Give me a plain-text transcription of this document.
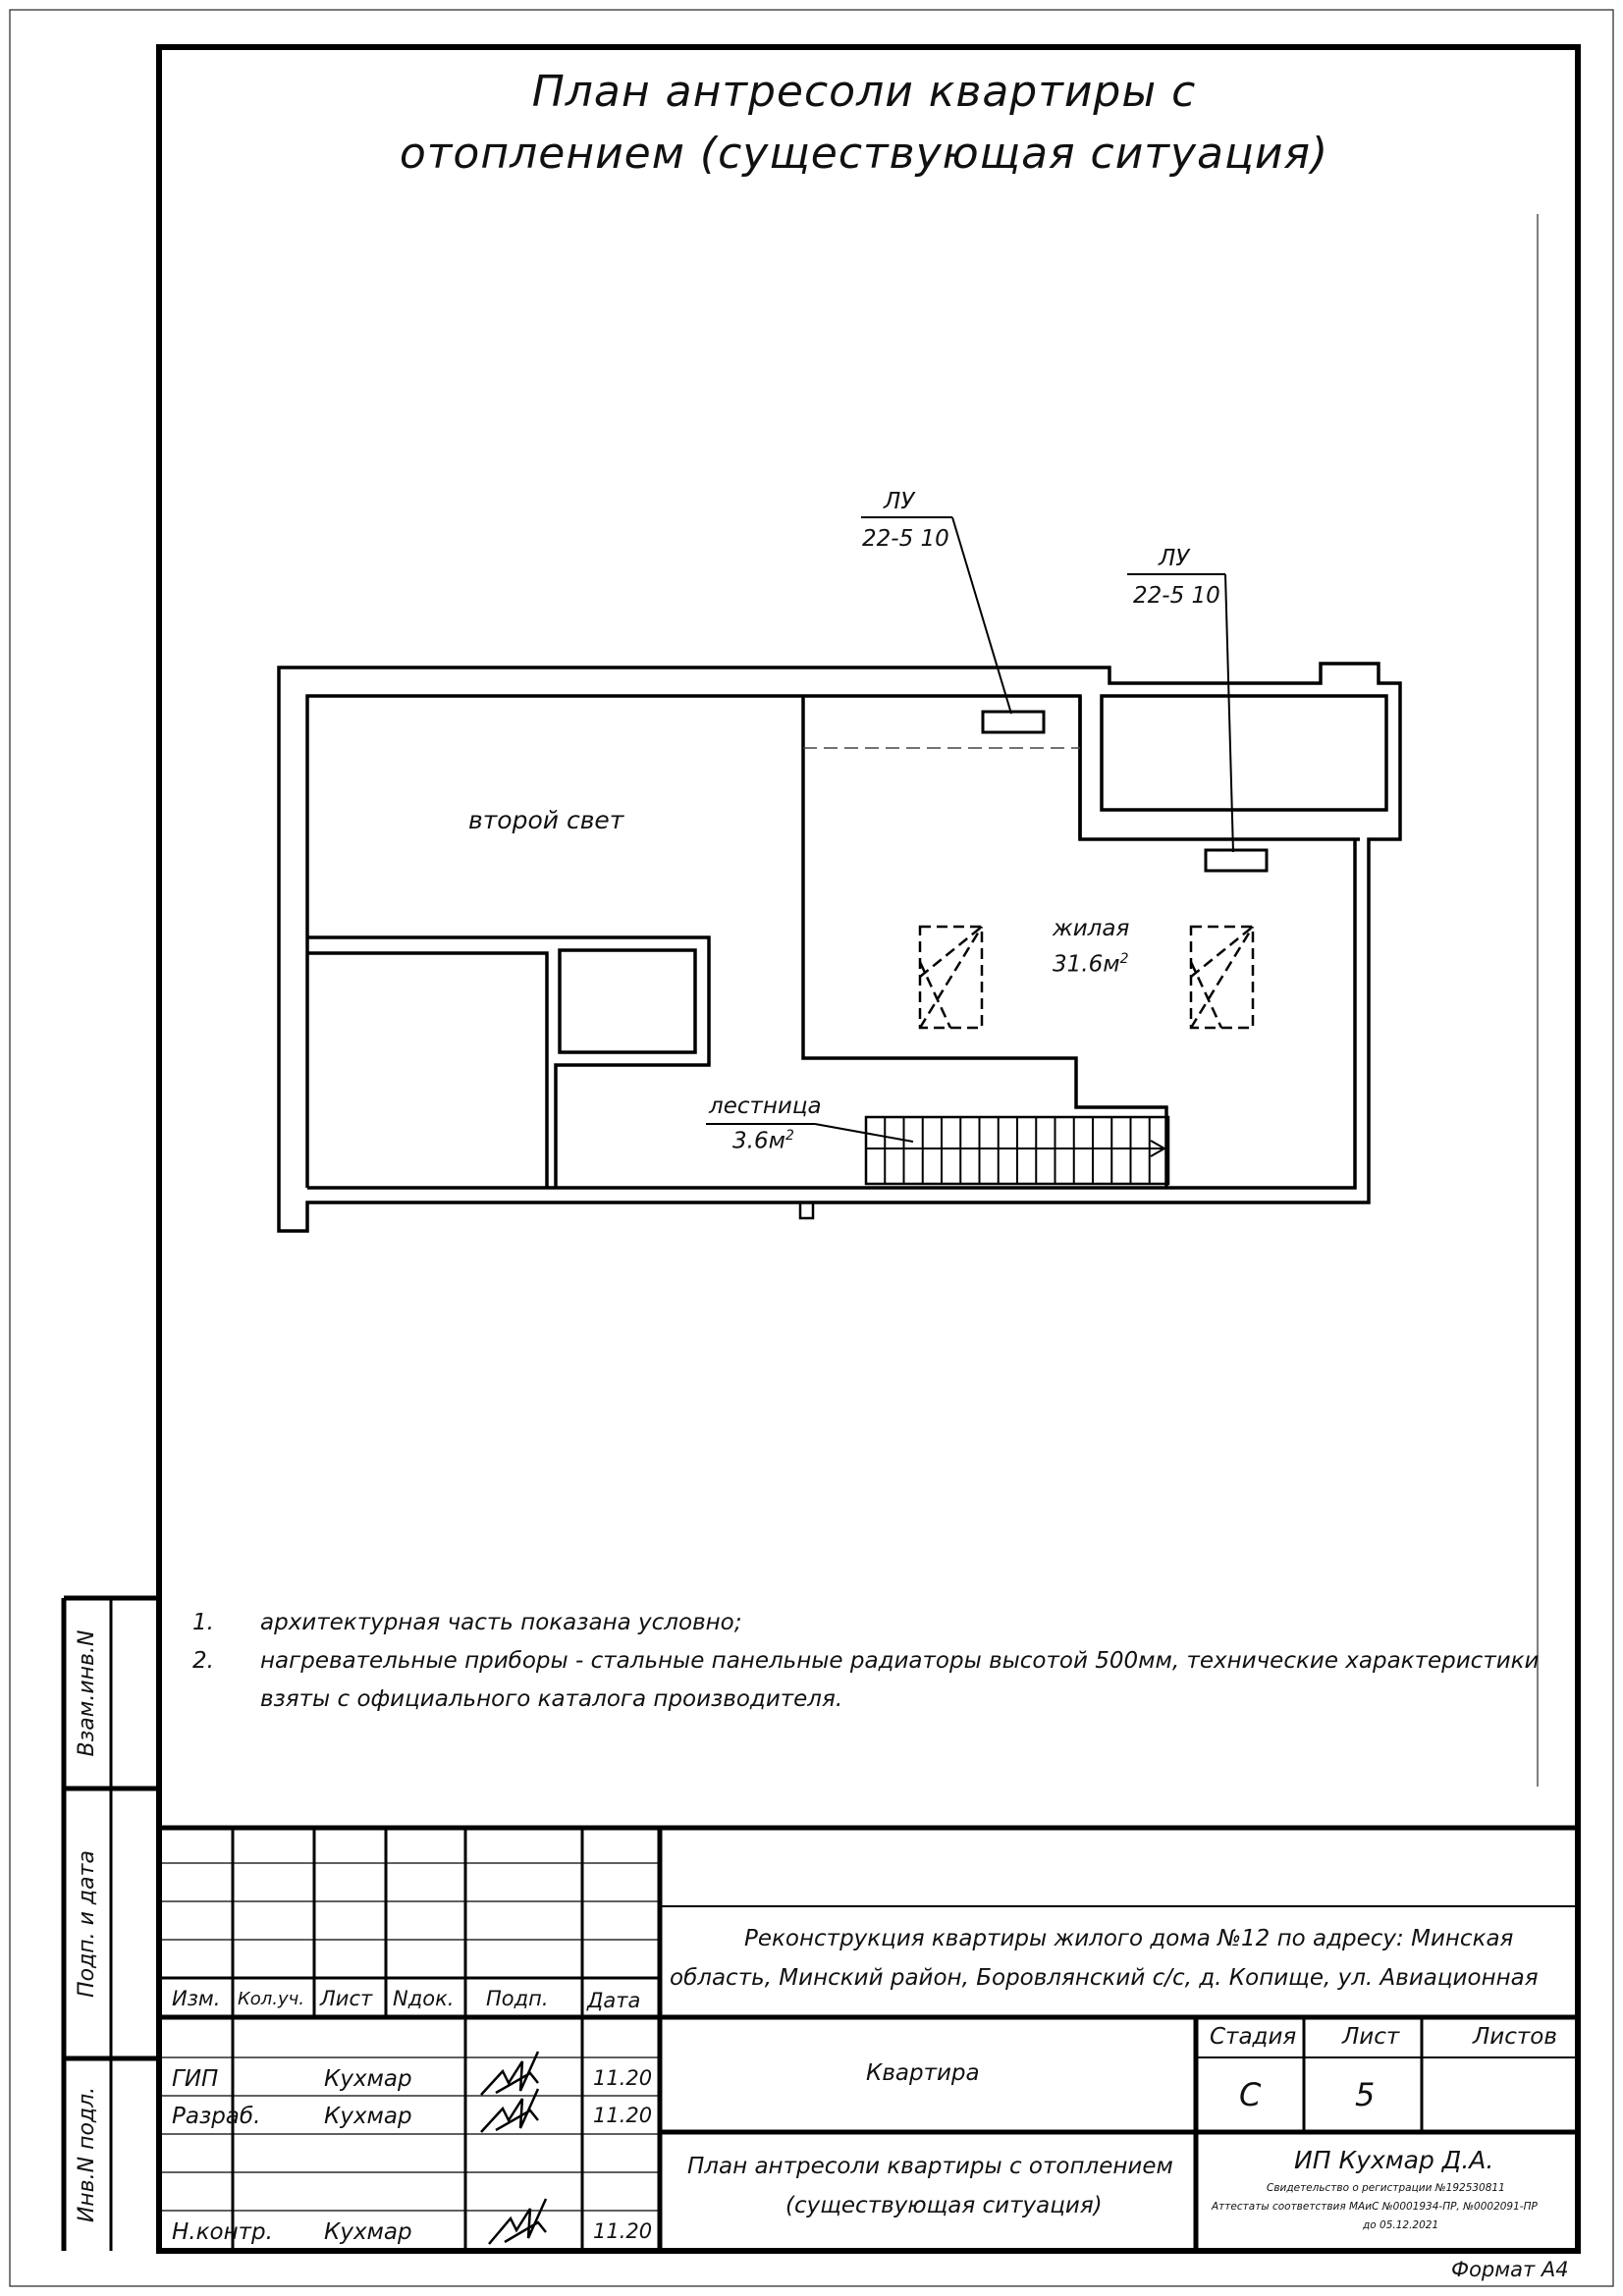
План антресоли квартиры с
отоплением (существующая ситуация)
ЛУ
22-5 10
ЛУ
22-5 10
второй свет
жилая
$31.6м^2$
лестница
$3.6м^2$
1. архитектурная часть показана условно;
2. нагревательные приборы - стальные панельные радиаторы высотой 500мм, технические характеристики
взяты с официального каталога производителя.
Взам.инв.N
Подп. и дата
Инв.N подл.
Изм. Кол.уч. Лист Nдок. Подп. Дата
Реконструкция квартиры жилого дома №12 по адресу: Минская
область, Минский район, Боровлянский с/с, д. Копище, ул. Авиационная
ГИП	Кухмар	11.20
Разраб.	Кухмар	11.20
Н.контр. Кухмар	11.20
Квартира
Стадия Лист	Листов
С	5
План антресоли квартиры с отоплением
(существующая ситуация)
ИП Кухмар Д.А.
Свидетельство о регистрации №192530811
Аттестаты соответствия МАиС №0001934-ПР, №0002091-ПР
до 05.12.2021
Формат А4
